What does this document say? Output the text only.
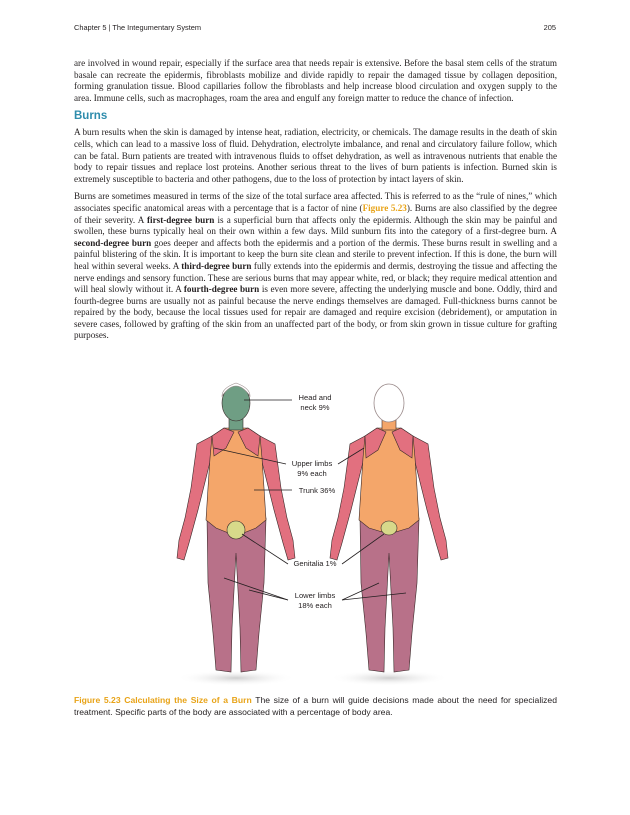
Chapter 5 | The Integumentary System	205

are involved in wound repair, especially if the surface area that needs repair is extensive. Before the basal stem cells of the stratum basale can recreate the epidermis, fibroblasts mobilize and divide rapidly to repair the damaged tissue by collagen deposition, forming granulation tissue. Blood capillaries follow the fibroblasts and help increase blood circulation and oxygen supply to the area. Immune cells, such as macrophages, roam the area and engulf any foreign matter to reduce the chance of infection.

Burns

A burn results when the skin is damaged by intense heat, radiation, electricity, or chemicals. The damage results in the death of skin cells, which can lead to a massive loss of fluid. Dehydration, electrolyte imbalance, and renal and circulatory failure follow, which can be fatal. Burn patients are treated with intravenous fluids to offset dehydration, as well as intravenous nutrients that enable the body to repair tissues and replace lost proteins. Another serious threat to the lives of burn patients is infection. Burned skin is extremely susceptible to bacteria and other pathogens, due to the loss of protection by intact layers of skin.

Burns are sometimes measured in terms of the size of the total surface area affected. This is referred to as the “rule of nines,” which associates specific anatomical areas with a percentage that is a factor of nine (Figure 5.23). Burns are also classified by the degree of their severity. A first-degree burn is a superficial burn that affects only the epidermis. Although the skin may be painful and swollen, these burns typically heal on their own within a few days. Mild sunburn fits into the category of a first-degree burn. A second-degree burn goes deeper and affects both the epidermis and a portion of the dermis. These burns result in swelling and a painful blistering of the skin. It is important to keep the burn site clean and sterile to prevent infection. If this is done, the burn will heal within several weeks. A third-degree burn fully extends into the epidermis and dermis, destroying the tissue and affecting the nerve endings and sensory function. These are serious burns that may appear white, red, or black; they require medical attention and will heal slowly without it. A fourth-degree burn is even more severe, affecting the underlying muscle and bone. Oddly, third and fourth-degree burns are usually not as painful because the nerve endings themselves are damaged. Full-thickness burns cannot be repaired by the body, because the local tissues used for repair are damaged and require excision (debridement), or amputation in severe cases, followed by grafting of the skin from an unaffected part of the body, or from skin grown in tissue culture for grafting purposes.

Head and neck 9%
Upper limbs 9% each
Trunk 36%
Genitalia 1%
Lower limbs 18% each
Figure 5.23 Calculating the Size of a Burn The size of a burn will guide decisions made about the need for specialized treatment. Specific parts of the body are associated with a percentage of body area.
